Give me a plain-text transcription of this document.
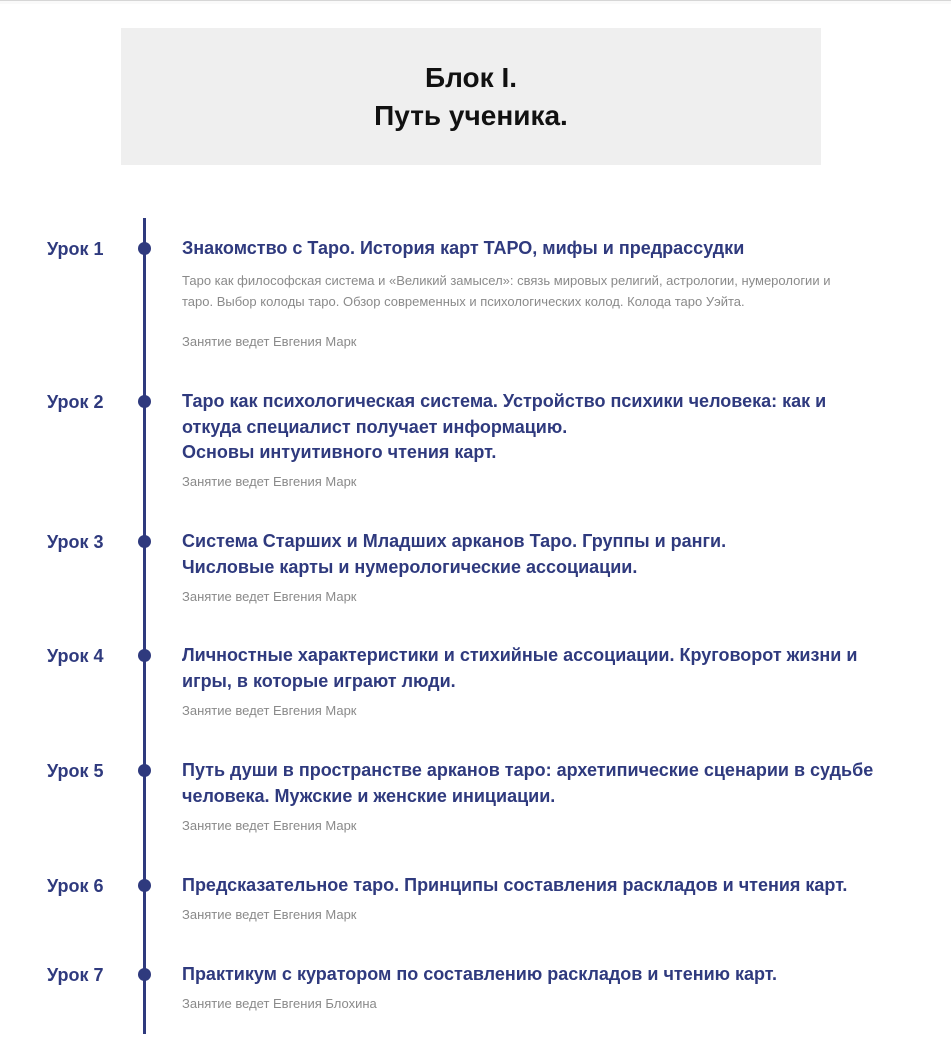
Блок I.
Путь ученика.
Урок 1	Знакомство с Таро. История карт ТАРО, мифы и предрассудки
Таро как философская система и «Великий замысел»: связь мировых религий, астрологии, нумерологии и
таро. Выбор колоды таро. Обзор современных и психологических колод. Колода таро Уэйта.
Занятие ведет Евгения Марк
Урок 2	Таро как психологическая система. Устройство психики человека: как и
откуда специалист получает информацию.
Основы интуитивного чтения карт.
Занятие ведет Евгения Марк
Урок 3	Система Старших и Младших арканов Таро. Группы и ранги.
Числовые карты и нумерологические ассоциации.
Занятие ведет Евгения Марк
Урок 4	Личностные характеристики и стихийные ассоциации. Круговорот жизни и
игры, в которые играют люди.
Занятие ведет Евгения Марк
Урок 5	Путь души в пространстве арканов таро: архетипические сценарии в судьбе
человека. Мужские и женские инициации.
Занятие ведет Евгения Марк
Урок 6	Предсказательное таро. Принципы составления раскладов и чтения карт.
Занятие ведет Евгения Марк
Урок 7	Практикум с куратором по составлению раскладов и чтению карт.
Занятие ведет Евгения Блохина
